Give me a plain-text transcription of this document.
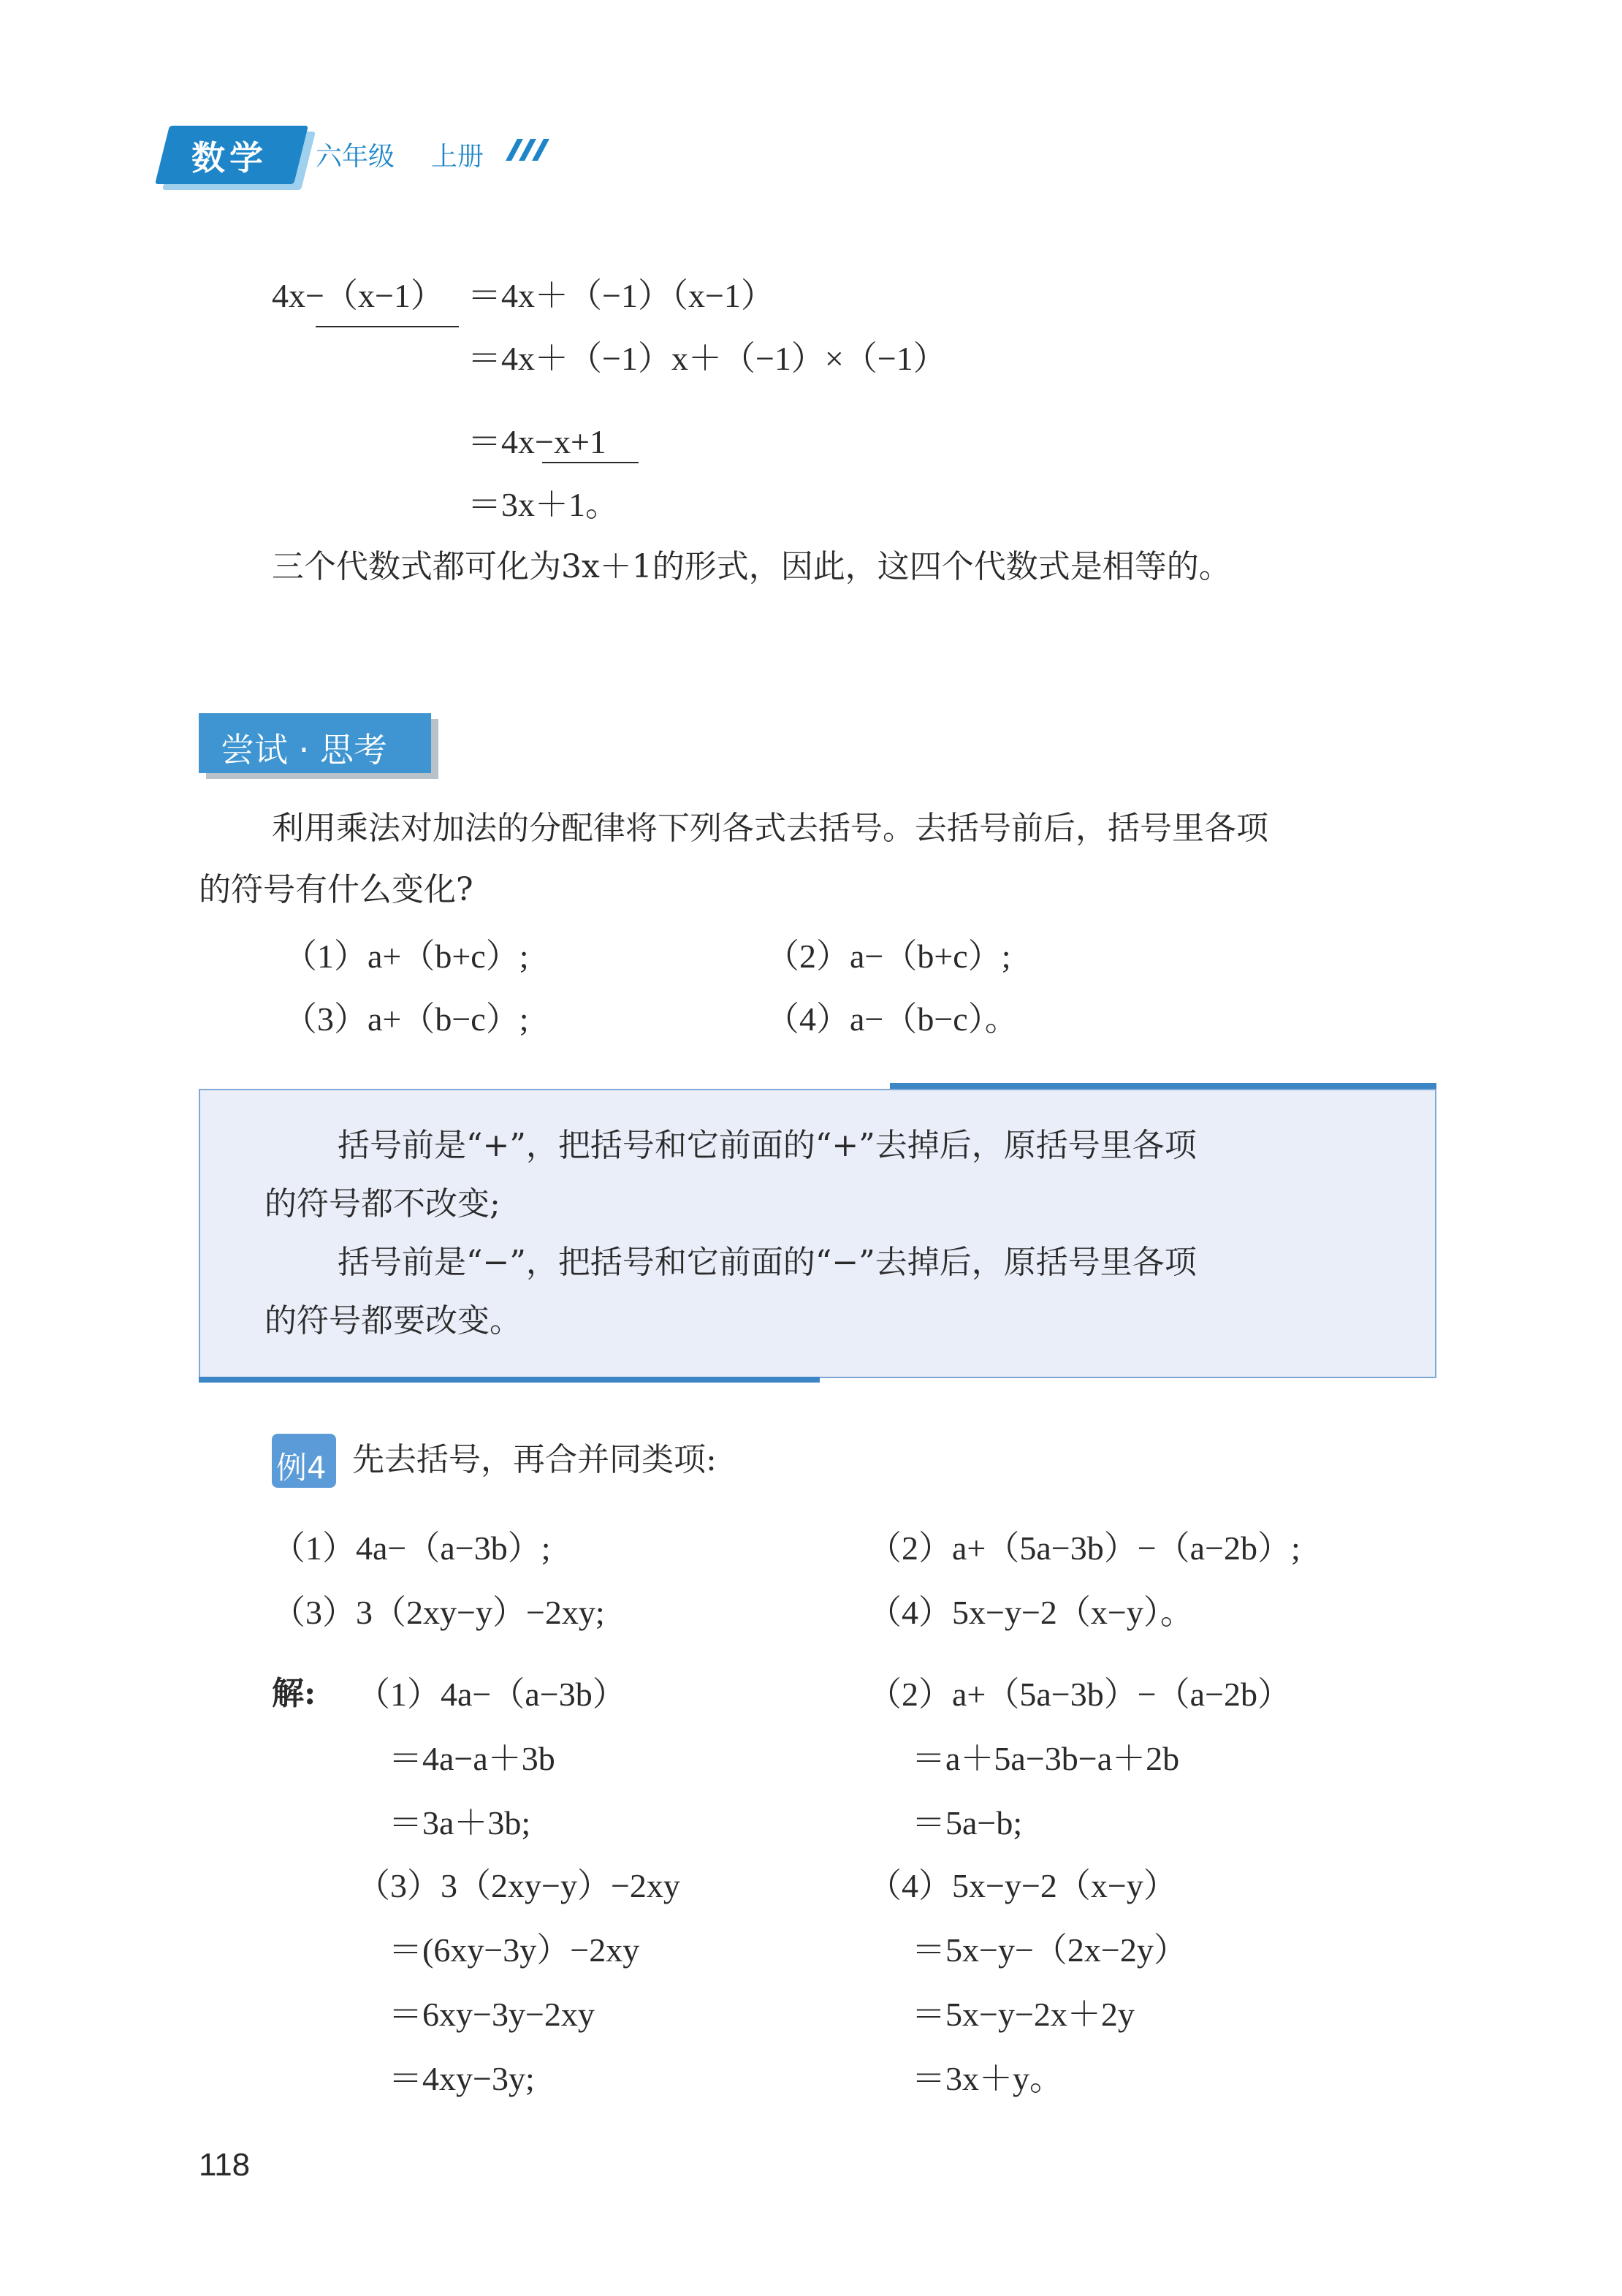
数学 六年级 上册
4x−（x−1） ＝4x＋（−1）（x−1）
＝4x＋（−1）x＋（−1）×（−1）
＝4x−x+1
＝3x＋1。
三个代数式都可化为3x＋1的形式，因此，这四个代数式是相等的。
尝试 · 思考
利用乘法对加法的分配律将下列各式去括号。去括号前后，括号里各项
的符号有什么变化?
（1）a+（b+c）;	（2）a−（b+c）;
（3）a+（b−c）;	（4）a−（b−c）。
括号前是“+”，把括号和它前面的“+”去掉后，原括号里各项
的符号都不改变;
括号前是“−”，把括号和它前面的“−”去掉后，原括号里各项
的符号都要改变。
例4 先去括号，再合并同类项:
（1）4a−（a−3b）;	（2）a+（5a−3b）−（a−2b）;
（3）3（2xy−y）−2xy;	（4）5x−y−2（x−y）。
解: （1）4a−（a−3b）
＝4a−a＋3b
＝3a＋3b;
（2）a+（5a−3b）−（a−2b）
＝a＋5a−3b−a＋2b
＝5a−b;
（3）3（2xy−y）−2xy
＝(6xy−3y）−2xy
＝6xy−3y−2xy
＝4xy−3y;
（4）5x−y−2（x−y）
＝5x−y−（2x−2y）
＝5x−y−2x＋2y
＝3x＋y。
118
